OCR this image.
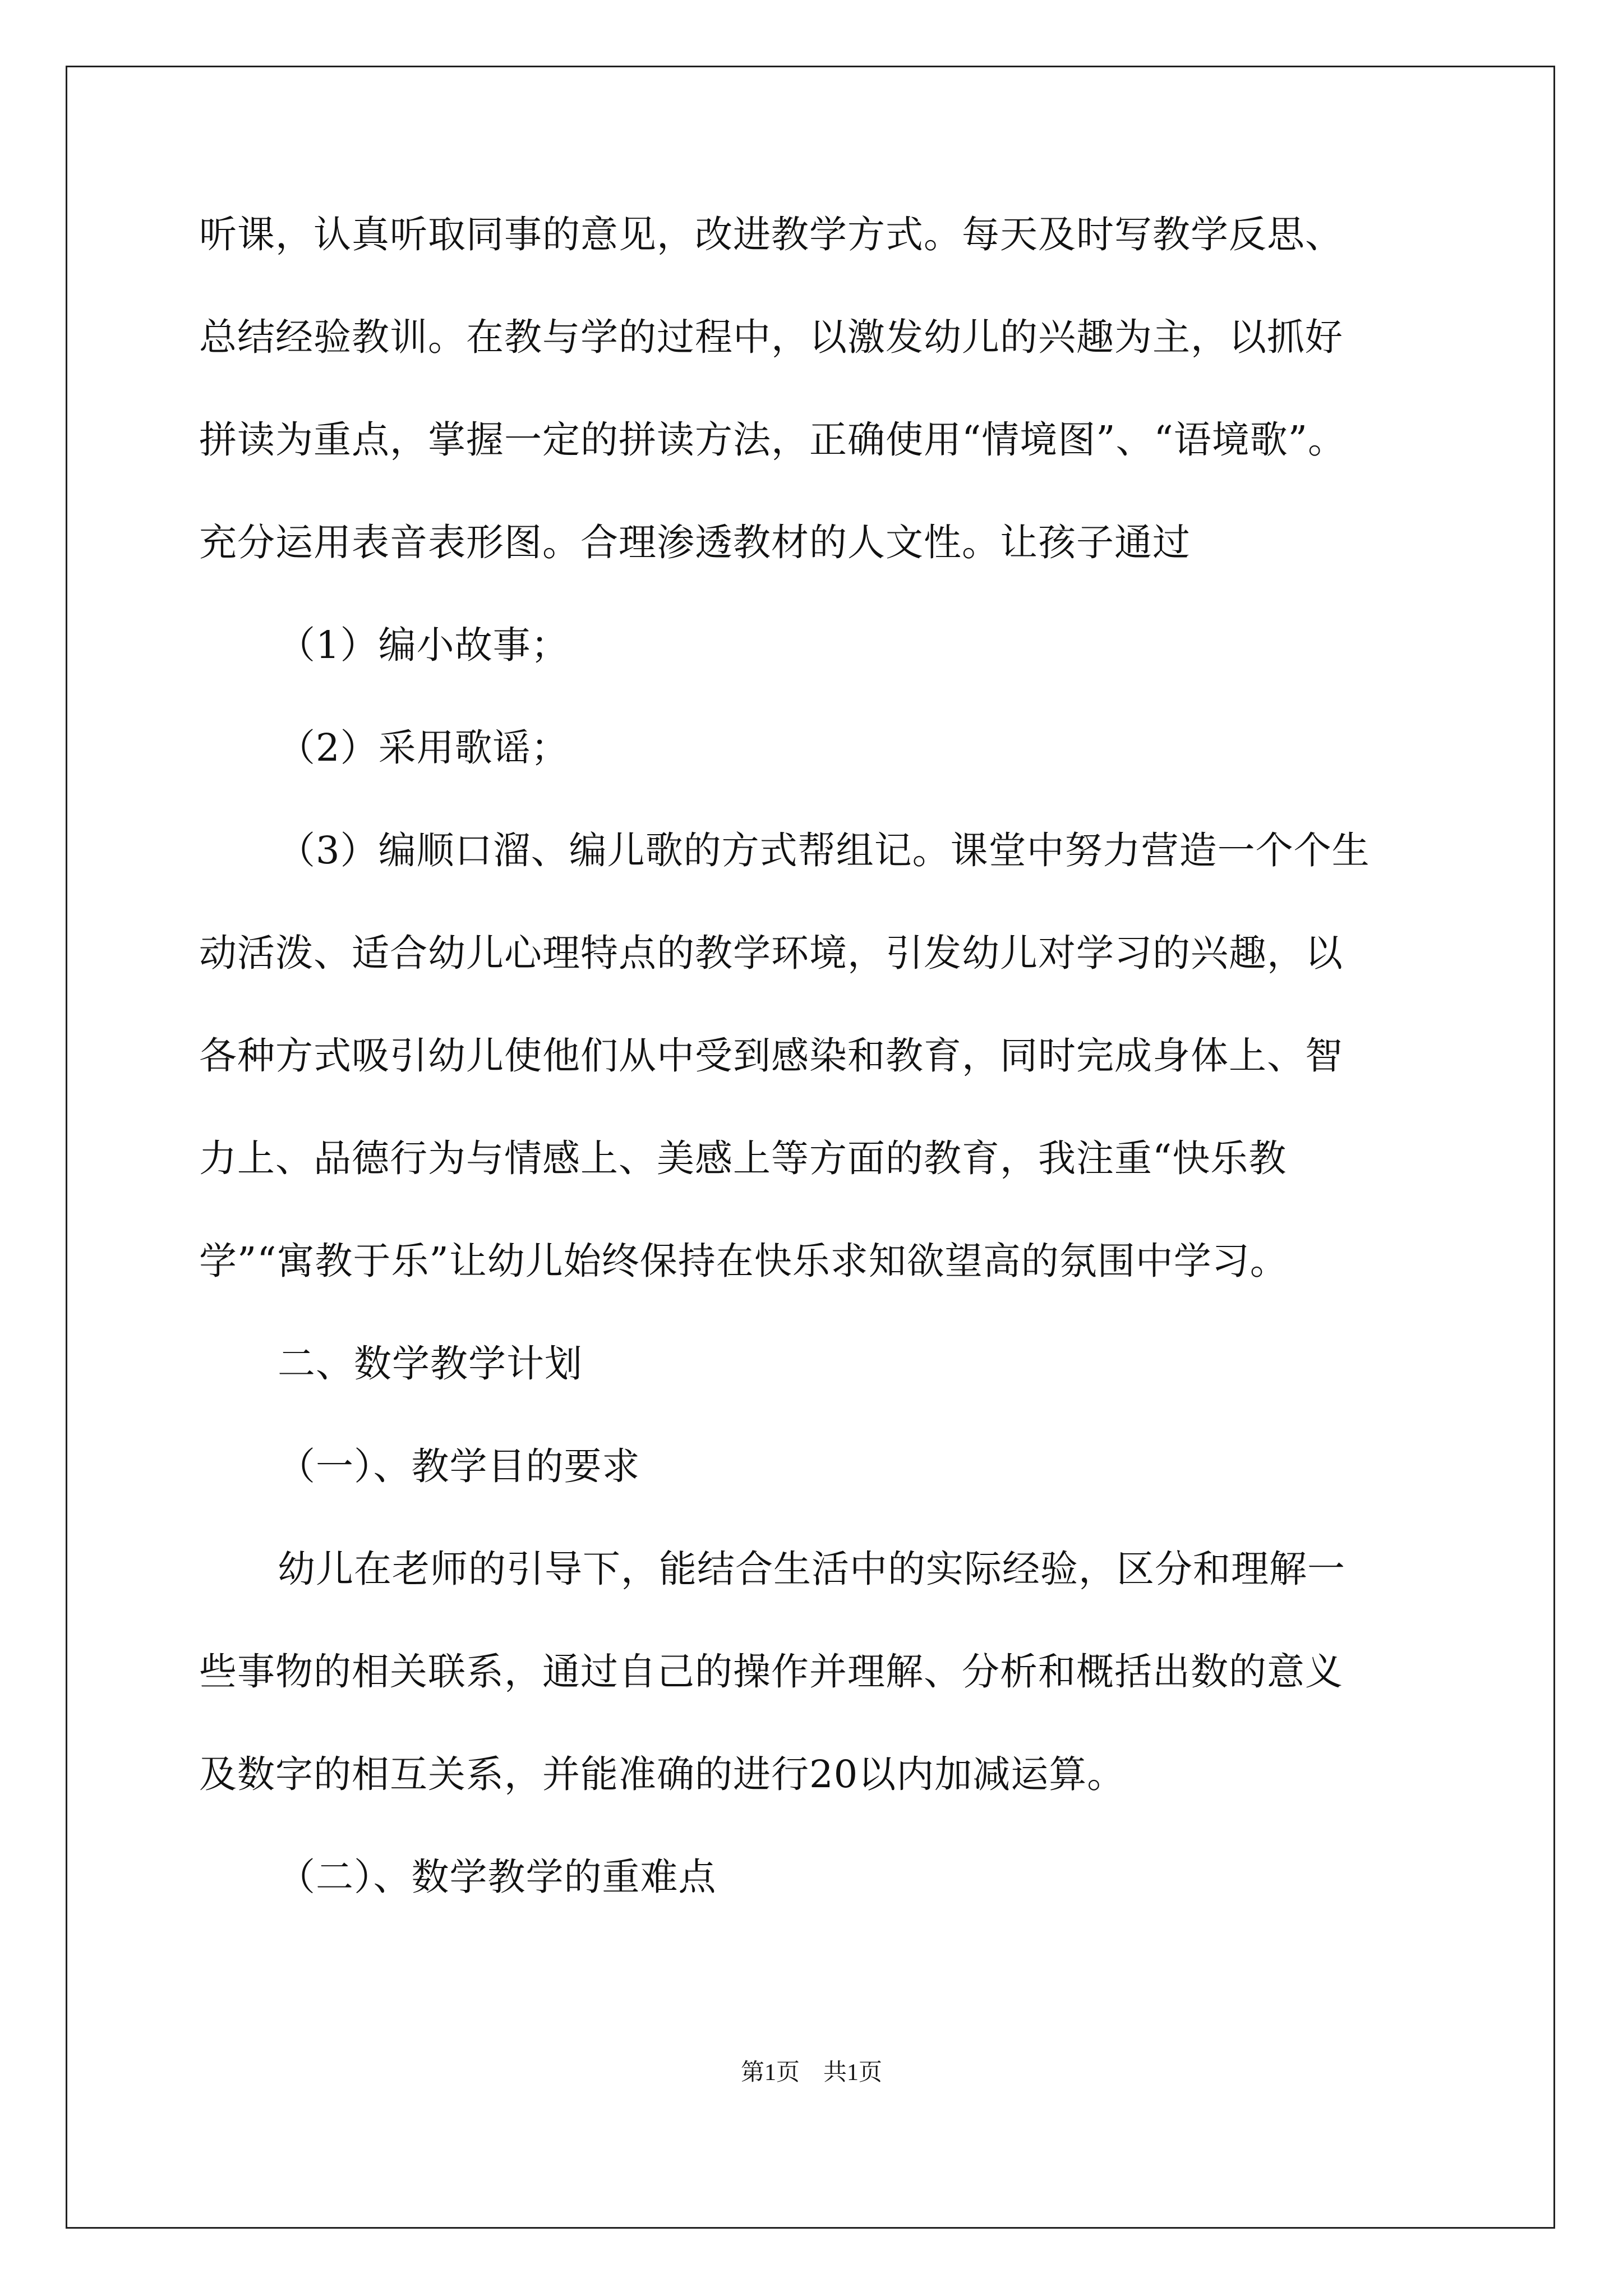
听课，认真听取同事的意见，改进教学方式。每天及时写教学反思、
总结经验教训。在教与学的过程中，以激发幼儿的兴趣为主，以抓好
拼读为重点，掌握一定的拼读方法，正确使用“情境图”、“语境歌”。
充分运用表音表形图。合理渗透教材的人文性。让孩子通过
（1）编小故事；
（2）采用歌谣；
（3）编顺口溜、编儿歌的方式帮组记。课堂中努力营造一个个生
动活泼、适合幼儿心理特点的教学环境，引发幼儿对学习的兴趣，以
各种方式吸引幼儿使他们从中受到感染和教育，同时完成身体上、智
力上、品德行为与情感上、美感上等方面的教育，我注重“快乐教
学”“寓教于乐”让幼儿始终保持在快乐求知欲望高的氛围中学习。
二、数学教学计划
（一）、教学目的要求
幼儿在老师的引导下，能结合生活中的实际经验，区分和理解一
些事物的相关联系，通过自己的操作并理解、分析和概括出数的意义
及数字的相互关系，并能准确的进行20以内加减运算。
（二）、数学教学的重难点
第1页　共1页
